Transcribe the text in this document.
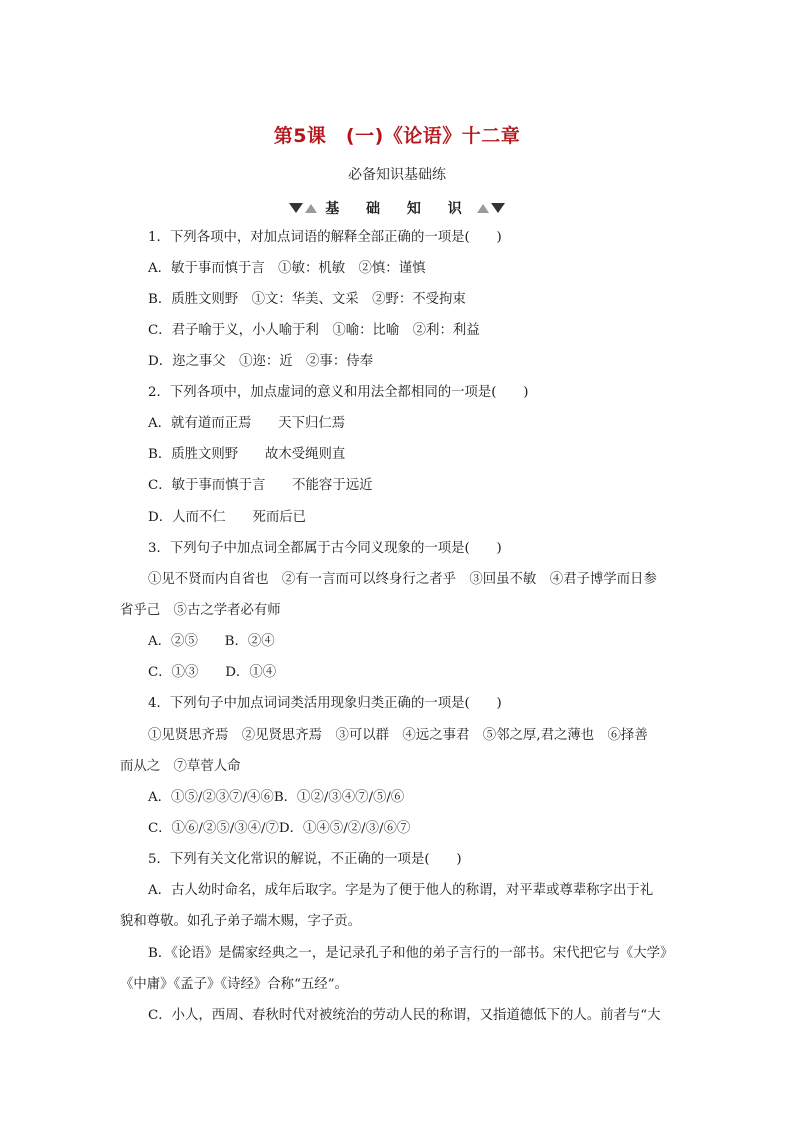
第5课　(一)《论语》十二章
必备知识基础练
基 础 知 识
1．下列各项中，对加点词语的解释全部正确的一项是(　　)
A．敏于事而慎于言　①敏：机敏　②慎：谨慎
B．质胜文则野　①文：华美、文采　②野：不受拘束
C．君子喻于义，小人喻于利　①喻：比喻　②利：利益
D．迩之事父　①迩：近　②事：侍奉
2．下列各项中，加点虚词的意义和用法全都相同的一项是(　　)
A．就有道而正焉　　天下归仁焉
B．质胜文则野　　故木受绳则直
C．敏于事而慎于言　　不能容于远近
D．人而不仁　　死而后已
3．下列句子中加点词全都属于古今同义现象的一项是(　　)
①见不贤而内自省也　②有一言而可以终身行之者乎　③回虽不敏　④君子博学而日参
省乎己　⑤古之学者必有师
A．②⑤　　B．②④
C．①③　　D．①④
4．下列句子中加点词词类活用现象归类正确的一项是(　　)
①见贤思齐焉　②见贤思齐焉　③可以群　④远之事君　⑤邻之厚,君之薄也　⑥择善
而从之　⑦草菅人命
A．①⑤/②③⑦/④⑥B．①②/③④⑦/⑤/⑥
C．①⑥/②⑤/③④/⑦D．①④⑤/②/③/⑥⑦
5．下列有关文化常识的解说，不正确的一项是(　　)
A．古人幼时命名，成年后取字。字是为了便于他人的称谓，对平辈或尊辈称字出于礼
貌和尊敬。如孔子弟子端木赐，字子贡。
B．《论语》是儒家经典之一，是记录孔子和他的弟子言行的一部书。宋代把它与《大学》
《中庸》《孟子》《诗经》合称“五经”。
C．小人，西周、春秋时代对被统治的劳动人民的称谓，又指道德低下的人。前者与“大
